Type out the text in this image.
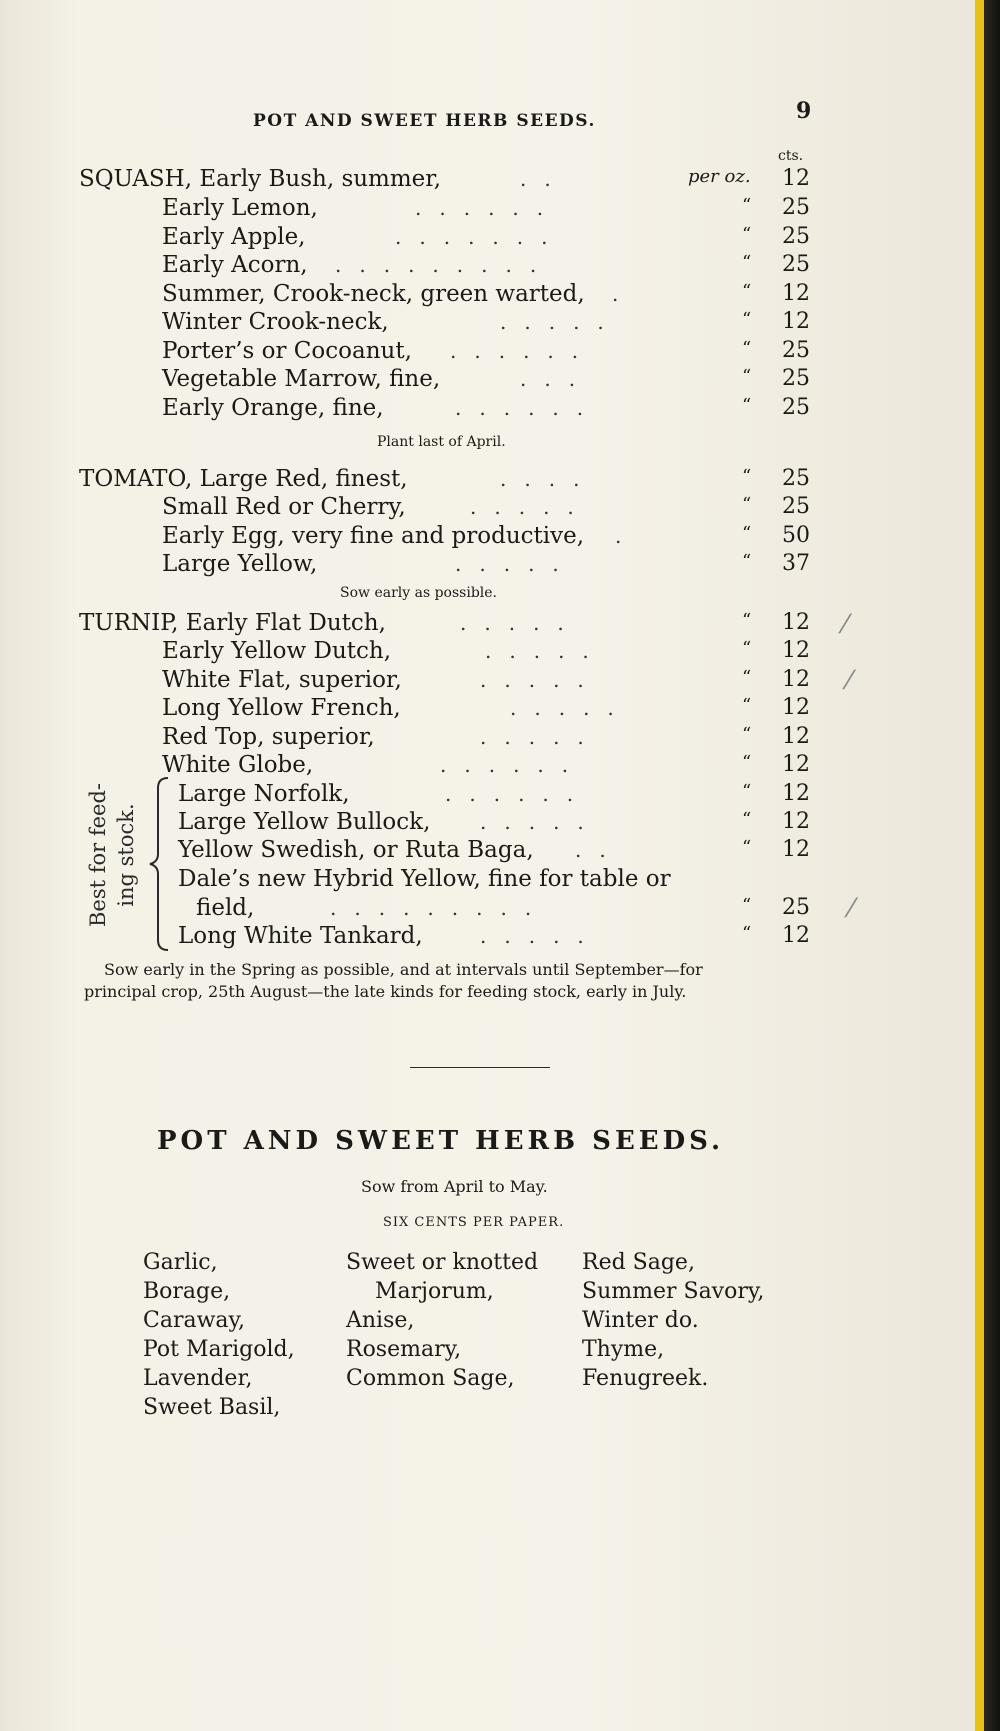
POT AND SWEET HERB SEEDS.	9
cts.
SQUASH, Early Bush, summer,	..	per oz. 12
Early Lemon,	......	“ 25
Early Apple,	.......	“ 25
Early Acorn, .........	“ 25
Summer, Crook-neck, green warted, .	“ 12
Winter Crook-neck,	.....	“ 12
Porter’s or Cocoanut, ......	“ 25
Vegetable Marrow, fine,	...	“ 25
Early Orange, fine,	......	“ 25
Plant last of April.
TOMATO, Large Red, finest,	....	“ 25
Small Red or Cherry,	.....	“ 25
Early Egg, very fine and productive, .	“ 50
Large Yellow,	.....	“ 37
Sow early as possible.
TURNIP, Early Flat Dutch,	.....	“ 12
Early Yellow Dutch,	.....	“ 12
White Flat, superior,	.....	“ 12
Long Yellow French,	.....	“ 12
Red Top, superior,	.....	“ 12
White Globe,	......	“ 12
Large Norfolk,	......	“ 12
Large Yellow Bullock, .....	“ 12
Yellow Swedish, or Ruta Baga, ..	“ 12
Dale’s new Hybrid Yellow, fine for table or
field,	.........	“ 25
Long White Tankard,	.....	“ 12
Best for feed- ing stock.
Sow early in the Spring as possible, and at intervals until September—for
principal crop, 25th August—the late kinds for feeding stock, early in July.
⁄
⁄
⁄
POT AND SWEET HERB SEEDS.
Sow from April to May.
SIX CENTS PER PAPER.
Garlic,
Borage,
Caraway,
Pot Marigold,
Lavender,
Sweet Basil,
Sweet or knotted
Marjorum,
Anise,
Rosemary,
Common Sage,
Red Sage,
Summer Savory,
Winter do.
Thyme,
Fenugreek.
